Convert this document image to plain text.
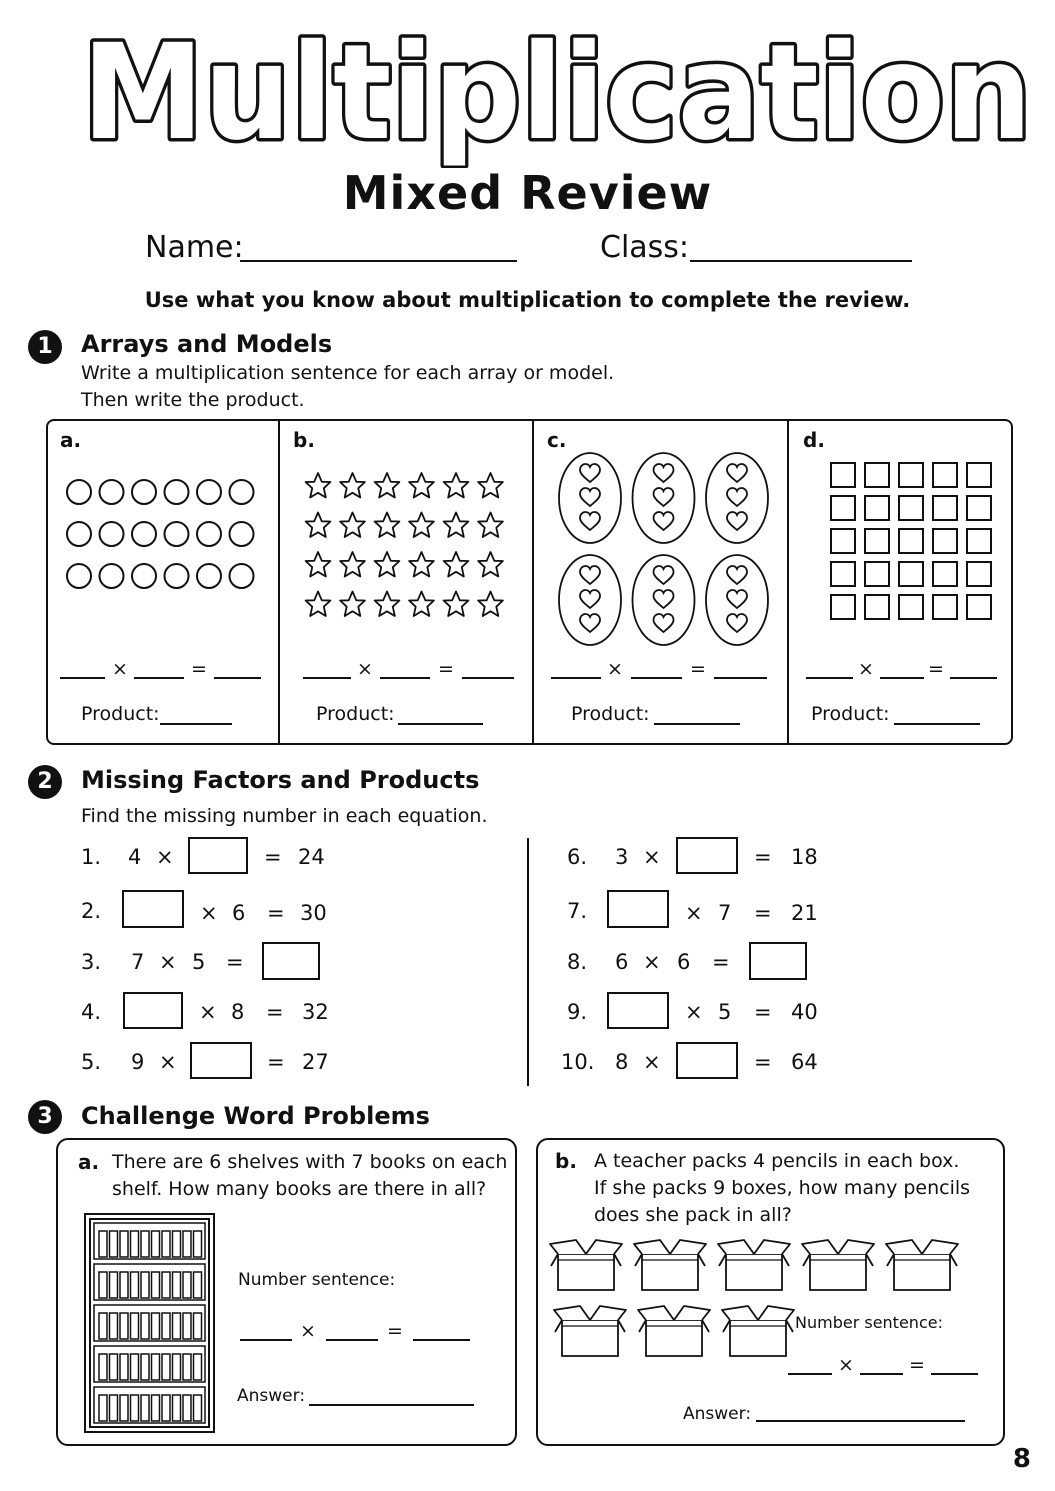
Multiplication
Mixed Review
Name:	Class:
Use what you know about multiplication to complete the review.
1	Arrays and Models
Write a multiplication sentence for each array or model.
Then write the product.
a.	b.	c.	d.
×	=	×	=	×	=	×	=
Product:	Product:	Product:	Product:
2	Missing Factors and Products
Find the missing number in each equation.
1. 4 ×	= 24
2.	× 6 = 30
3. 7 × 5 =
4.	× 8 = 32
5. 9 ×	= 27
6. 3 ×	= 18
7.	× 7 = 21
8. 6 × 6 =
9.	× 5 = 40
10. 8 ×	= 64
3	Challenge Word Problems
a. There are 6 shelves with 7 books on each
shelf. How many books are there in all?
Number sentence:
×	=
Answer:
b. A teacher packs 4 pencils in each box.
If she packs 9 boxes, how many pencils
does she pack in all?
Number sentence:
×	=
Answer:
8
